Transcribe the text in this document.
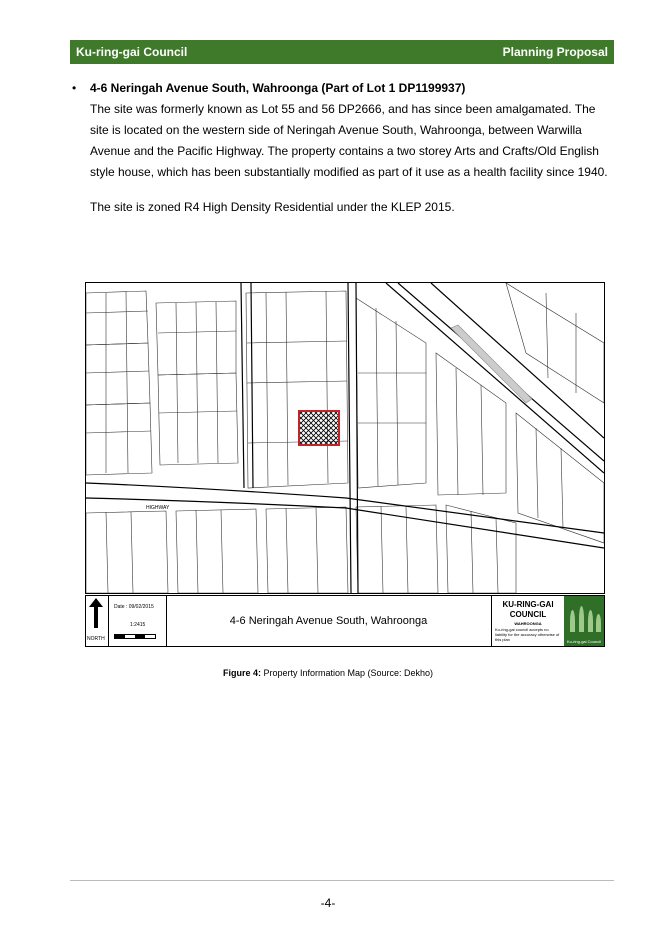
Ku-ring-gai Council	Planning Proposal
• 4-6 Neringah Avenue South, Wahroonga (Part of Lot 1 DP1199937)
The site was formerly known as Lot 55 and 56 DP2666, and has since been amalgamated. The site is located on the western side of Neringah Avenue South, Wahroonga, between Warwilla Avenue and the Pacific Highway. The property contains a two storey Arts and Crafts/Old English style house, which has been substantially modified as part of it use as a health facility since 1940.
The site is zoned R4 High Density Residential under the KLEP 2015.
HIGHWAY
NORTH
Date : 09/02/2015
1:2415	4-6 Neringah Avenue South, Wahroonga
KU-RING-GAI COUNCIL
WAHROONGA
Ku-ring-gai council accepts no liability for the accuracy otherwise of this plan	Ku-ring-gai Council
Figure 4: Property Information Map (Source: Dekho)
-4-
